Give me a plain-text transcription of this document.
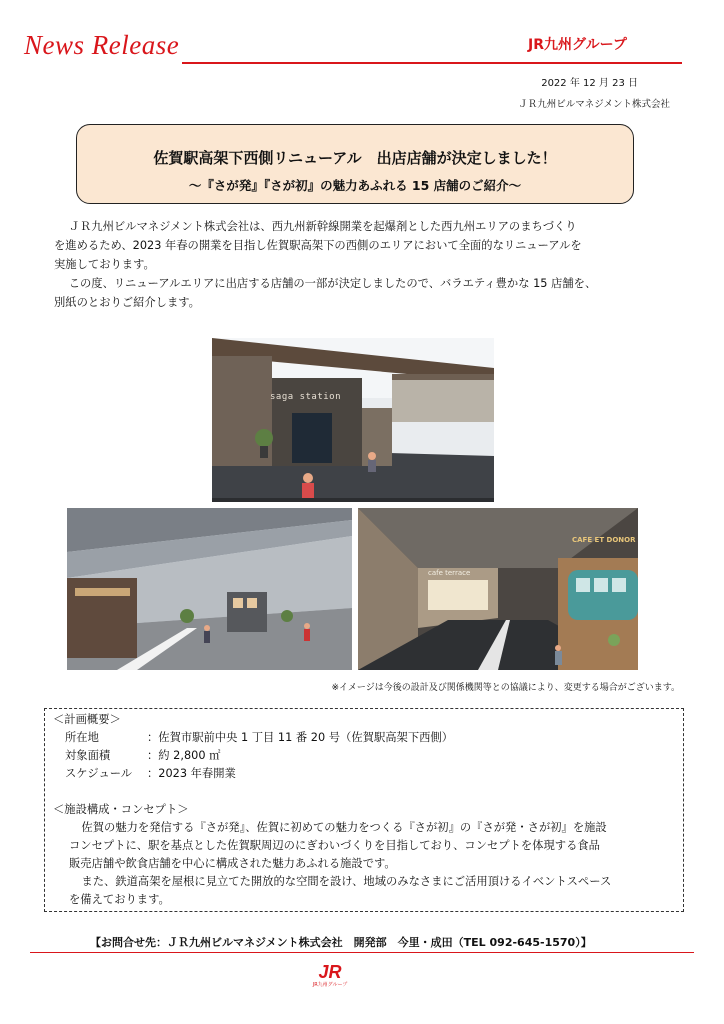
News Release	JR九州グループ
2022 年 12 月 23 日
ＪＲ九州ビルマネジメント株式会社
佐賀駅高架下西側リニューアル　出店店舗が決定しました！
～『さが発』『さが初』の魅力あふれる 15 店舗のご紹介～

ＪＲ九州ビルマネジメント株式会社は、西九州新幹線開業を起爆剤とした西九州エリアのまちづくり

を進めるため、2023 年春の開業を目指し佐賀駅高架下の西側のエリアにおいて全面的なリニューアルを

実施しております。

この度、リニューアルエリアに出店する店舗の一部が決定しましたので、バラエティ豊かな 15 店舗を、

別紙のとおりご紹介します。

saga station
cafe terrace
CAFE ET DONOR
※イメージは今後の設計及び関係機関等との協議により、変更する場合がございます。
＜計画概要＞
所在地	：佐賀市駅前中央 1 丁目 11 番 20 号（佐賀駅高架下西側）
対象面積	：約 2,800 ㎡
スケジュール ：2023 年春開業
＜施設構成・コンセプト＞

佐賀の魅力を発信する『さが発』、佐賀に初めての魅力をつくる『さが初』の『さが発・さが初』を施設

コンセプトに、駅を基点とした佐賀駅周辺のにぎわいづくりを目指しており、コンセプトを体現する食品

販売店舗や飲食店舗を中心に構成された魅力あふれる施設です。

また、鉄道高架を屋根に見立てた開放的な空間を設け、地域のみなさまにご活用頂けるイベントスペース

を備えております。

【お問合せ先：ＪＲ九州ビルマネジメント株式会社　開発部　今里・成田（TEL 092-645-1570）】
JR
JR九州グループ
